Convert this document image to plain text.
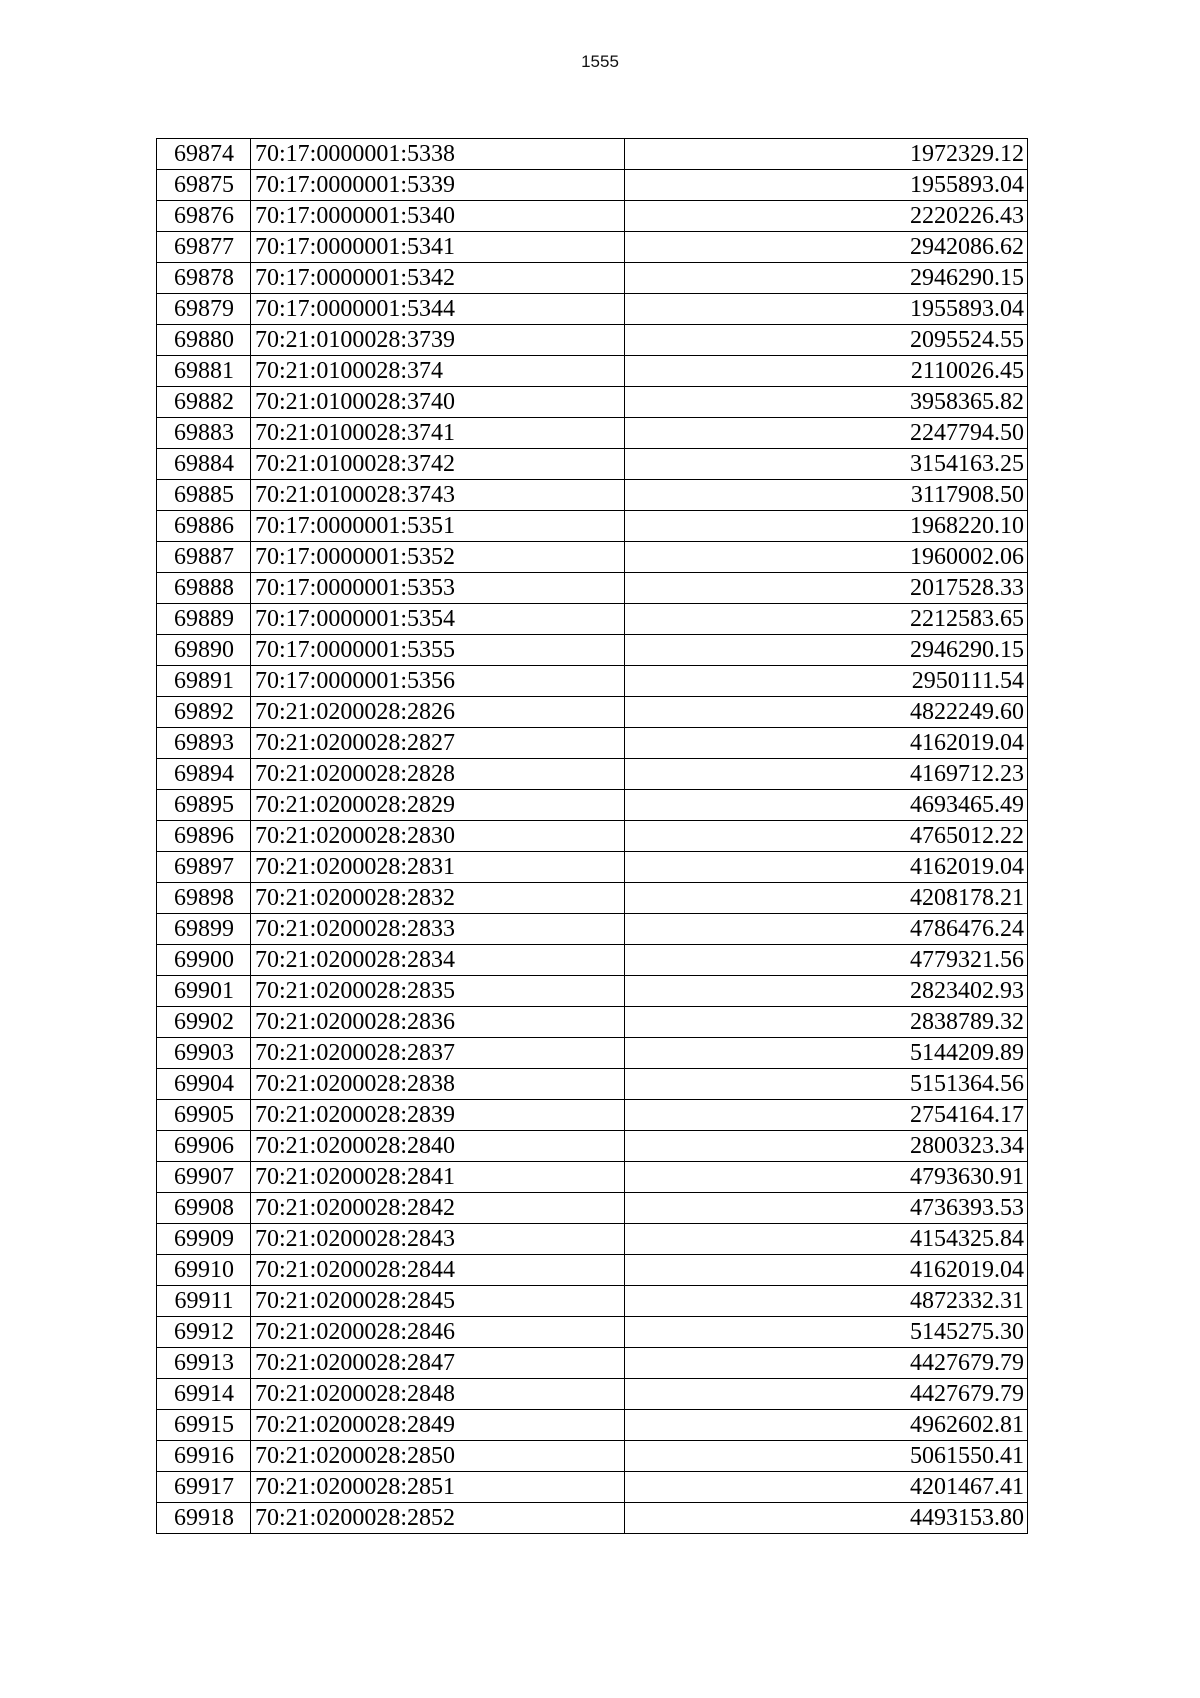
1555
69874	70:17:0000001:5338	1972329.12
69875	70:17:0000001:5339	1955893.04
69876	70:17:0000001:5340	2220226.43
69877	70:17:0000001:5341	2942086.62
69878	70:17:0000001:5342	2946290.15
69879	70:17:0000001:5344	1955893.04
69880	70:21:0100028:3739	2095524.55
69881	70:21:0100028:374	2110026.45
69882	70:21:0100028:3740	3958365.82
69883	70:21:0100028:3741	2247794.50
69884	70:21:0100028:3742	3154163.25
69885	70:21:0100028:3743	3117908.50
69886	70:17:0000001:5351	1968220.10
69887	70:17:0000001:5352	1960002.06
69888	70:17:0000001:5353	2017528.33
69889	70:17:0000001:5354	2212583.65
69890	70:17:0000001:5355	2946290.15
69891	70:17:0000001:5356	2950111.54
69892	70:21:0200028:2826	4822249.60
69893	70:21:0200028:2827	4162019.04
69894	70:21:0200028:2828	4169712.23
69895	70:21:0200028:2829	4693465.49
69896	70:21:0200028:2830	4765012.22
69897	70:21:0200028:2831	4162019.04
69898	70:21:0200028:2832	4208178.21
69899	70:21:0200028:2833	4786476.24
69900	70:21:0200028:2834	4779321.56
69901	70:21:0200028:2835	2823402.93
69902	70:21:0200028:2836	2838789.32
69903	70:21:0200028:2837	5144209.89
69904	70:21:0200028:2838	5151364.56
69905	70:21:0200028:2839	2754164.17
69906	70:21:0200028:2840	2800323.34
69907	70:21:0200028:2841	4793630.91
69908	70:21:0200028:2842	4736393.53
69909	70:21:0200028:2843	4154325.84
69910	70:21:0200028:2844	4162019.04
69911	70:21:0200028:2845	4872332.31
69912	70:21:0200028:2846	5145275.30
69913	70:21:0200028:2847	4427679.79
69914	70:21:0200028:2848	4427679.79
69915	70:21:0200028:2849	4962602.81
69916	70:21:0200028:2850	5061550.41
69917	70:21:0200028:2851	4201467.41
69918	70:21:0200028:2852	4493153.80
